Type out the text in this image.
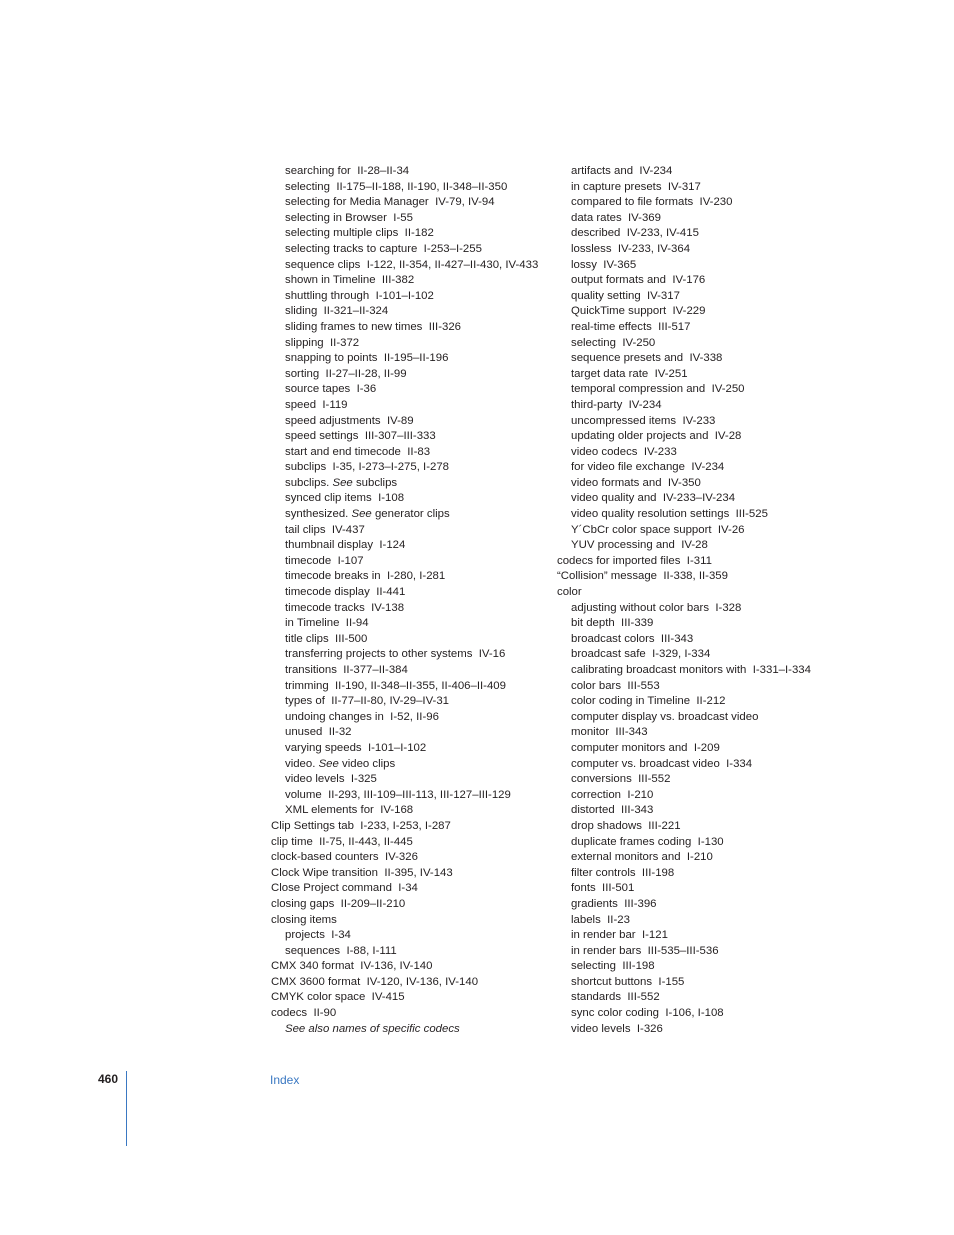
searching for II-28–II-34
selecting II-175–II-188, II-190, II-348–II-350
selecting for Media Manager IV-79, IV-94
selecting in Browser I-55
selecting multiple clips II-182
selecting tracks to capture I-253–I-255
sequence clips I-122, II-354, II-427–II-430, IV-433
shown in Timeline III-382
shuttling through I-101–I-102
sliding II-321–II-324
sliding frames to new times III-326
slipping II-372
snapping to points II-195–II-196
sorting II-27–II-28, II-99
source tapes I-36
speed I-119
speed adjustments IV-89
speed settings III-307–III-333
start and end timecode II-83
subclips I-35, I-273–I-275, I-278
subclips. See subclips
synced clip items I-108
synthesized. See generator clips
tail clips IV-437
thumbnail display I-124
timecode I-107
timecode breaks in I-280, I-281
timecode display II-441
timecode tracks IV-138
in Timeline II-94
title clips III-500
transferring projects to other systems IV-16
transitions II-377–II-384
trimming II-190, II-348–II-355, II-406–II-409
types of II-77–II-80, IV-29–IV-31
undoing changes in I-52, II-96
unused II-32
varying speeds I-101–I-102
video. See video clips
video levels I-325
volume II-293, III-109–III-113, III-127–III-129
XML elements for IV-168
Clip Settings tab I-233, I-253, I-287
clip time II-75, II-443, II-445
clock-based counters IV-326
Clock Wipe transition II-395, IV-143
Close Project command I-34
closing gaps II-209–II-210
closing items
projects I-34
sequences I-88, I-111
CMX 340 format IV-136, IV-140
CMX 3600 format IV-120, IV-136, IV-140
CMYK color space IV-415
codecs II-90
See also names of specific codecs
artifacts and IV-234
in capture presets IV-317
compared to file formats IV-230
data rates IV-369
described IV-233, IV-415
lossless IV-233, IV-364
lossy IV-365
output formats and IV-176
quality setting IV-317
QuickTime support IV-229
real-time effects III-517
selecting IV-250
sequence presets and IV-338
target data rate IV-251
temporal compression and IV-250
third-party IV-234
uncompressed items IV-233
updating older projects and IV-28
video codecs IV-233
for video file exchange IV-234
video formats and IV-350
video quality and IV-233–IV-234
video quality resolution settings III-525
Y´CbCr color space support IV-26
YUV processing and IV-28
codecs for imported files I-311
“Collision” message II-338, II-359
color
adjusting without color bars I-328
bit depth III-339
broadcast colors III-343
broadcast safe I-329, I-334
calibrating broadcast monitors with I-331–I-334
color bars III-553
color coding in Timeline II-212
computer display vs. broadcast video
monitor III-343
computer monitors and I-209
computer vs. broadcast video I-334
conversions III-552
correction I-210
distorted III-343
drop shadows III-221
duplicate frames coding I-130
external monitors and I-210
filter controls III-198
fonts III-501
gradients III-396
labels II-23
in render bar I-121
in render bars III-535–III-536
selecting III-198
shortcut buttons I-155
standards III-552
sync color coding I-106, I-108
video levels I-326
460	Index
